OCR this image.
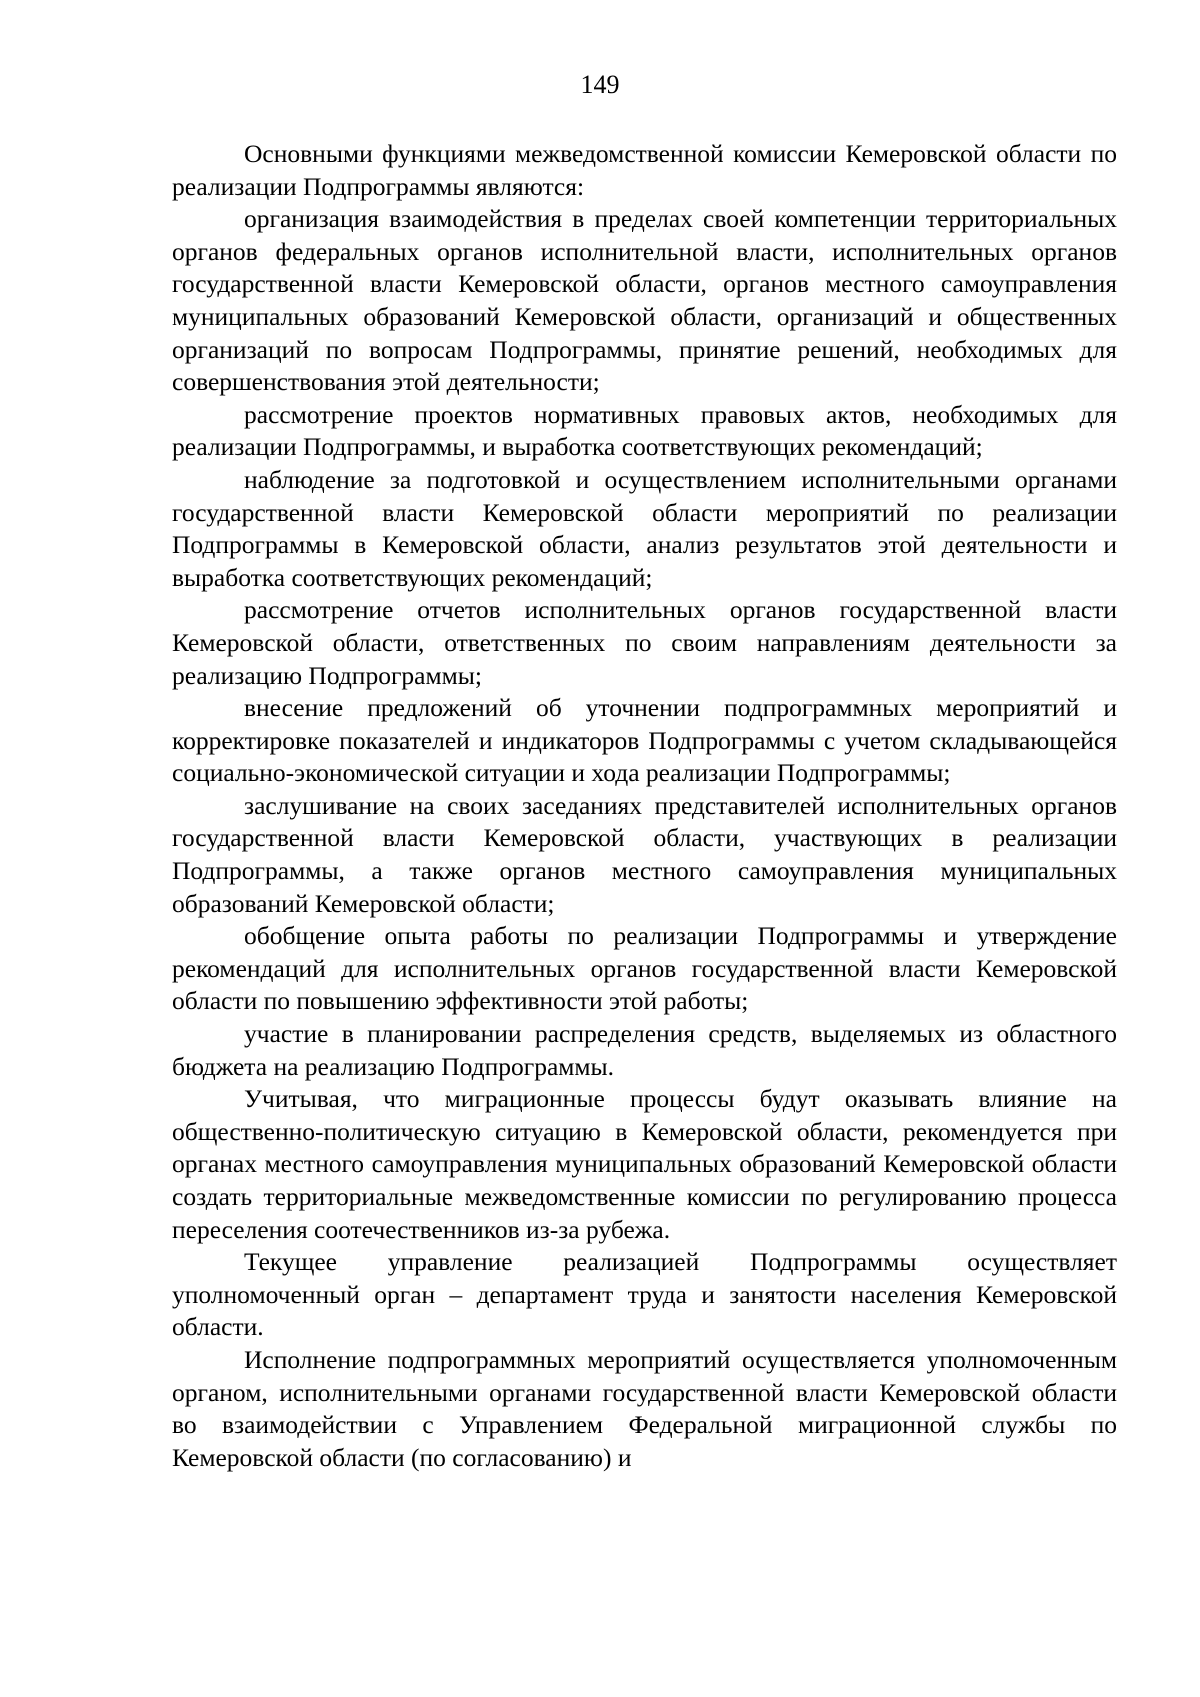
149

Основными функциями межведомственной комиссии Кемеровской области по реализации Подпрограммы являются:

организация взаимодействия в пределах своей компетенции территориальных органов федеральных органов исполнительной власти, исполнительных органов государственной власти Кемеровской области, органов местного самоуправления муниципальных образований Кемеровской области, организаций и общественных организаций по вопросам Подпрограммы, принятие решений, необходимых для совершенствования этой деятельности;

рассмотрение проектов нормативных правовых актов, необходимых для реализации Подпрограммы, и выработка соответствующих рекомендаций;

наблюдение за подготовкой и осуществлением исполнительными органами государственной власти Кемеровской области мероприятий по реализации Подпрограммы в Кемеровской области, анализ результатов этой деятельности и выработка соответствующих рекомендаций;

рассмотрение отчетов исполнительных органов государственной власти Кемеровской области, ответственных по своим направлениям деятельности за реализацию Подпрограммы;

внесение предложений об уточнении подпрограммных мероприятий и корректировке показателей и индикаторов Подпрограммы с учетом складывающейся социально-экономической ситуации и хода реализации Подпрограммы;

заслушивание на своих заседаниях представителей исполнительных органов государственной власти Кемеровской области, участвующих в реализации Подпрограммы, а также органов местного самоуправления муниципальных образований Кемеровской области;

обобщение опыта работы по реализации Подпрограммы и утверждение рекомендаций для исполнительных органов государственной власти Кемеровской области по повышению эффективности этой работы;

участие в планировании распределения средств, выделяемых из областного бюджета на реализацию Подпрограммы.

Учитывая, что миграционные процессы будут оказывать влияние на общественно-политическую ситуацию в Кемеровской области, рекомендуется при органах местного самоуправления муниципальных образований Кемеровской области создать территориальные межведомственные комиссии по регулированию процесса переселения соотечественников из-за рубежа.

Текущее управление реализацией Подпрограммы осуществляет уполномоченный орган – департамент труда и занятости населения Кемеровской области.

Исполнение подпрограммных мероприятий осуществляется уполномоченным органом, исполнительными органами государственной власти Кемеровской области во взаимодействии с Управлением Федеральной миграционной службы по Кемеровской области (по согласованию) и
